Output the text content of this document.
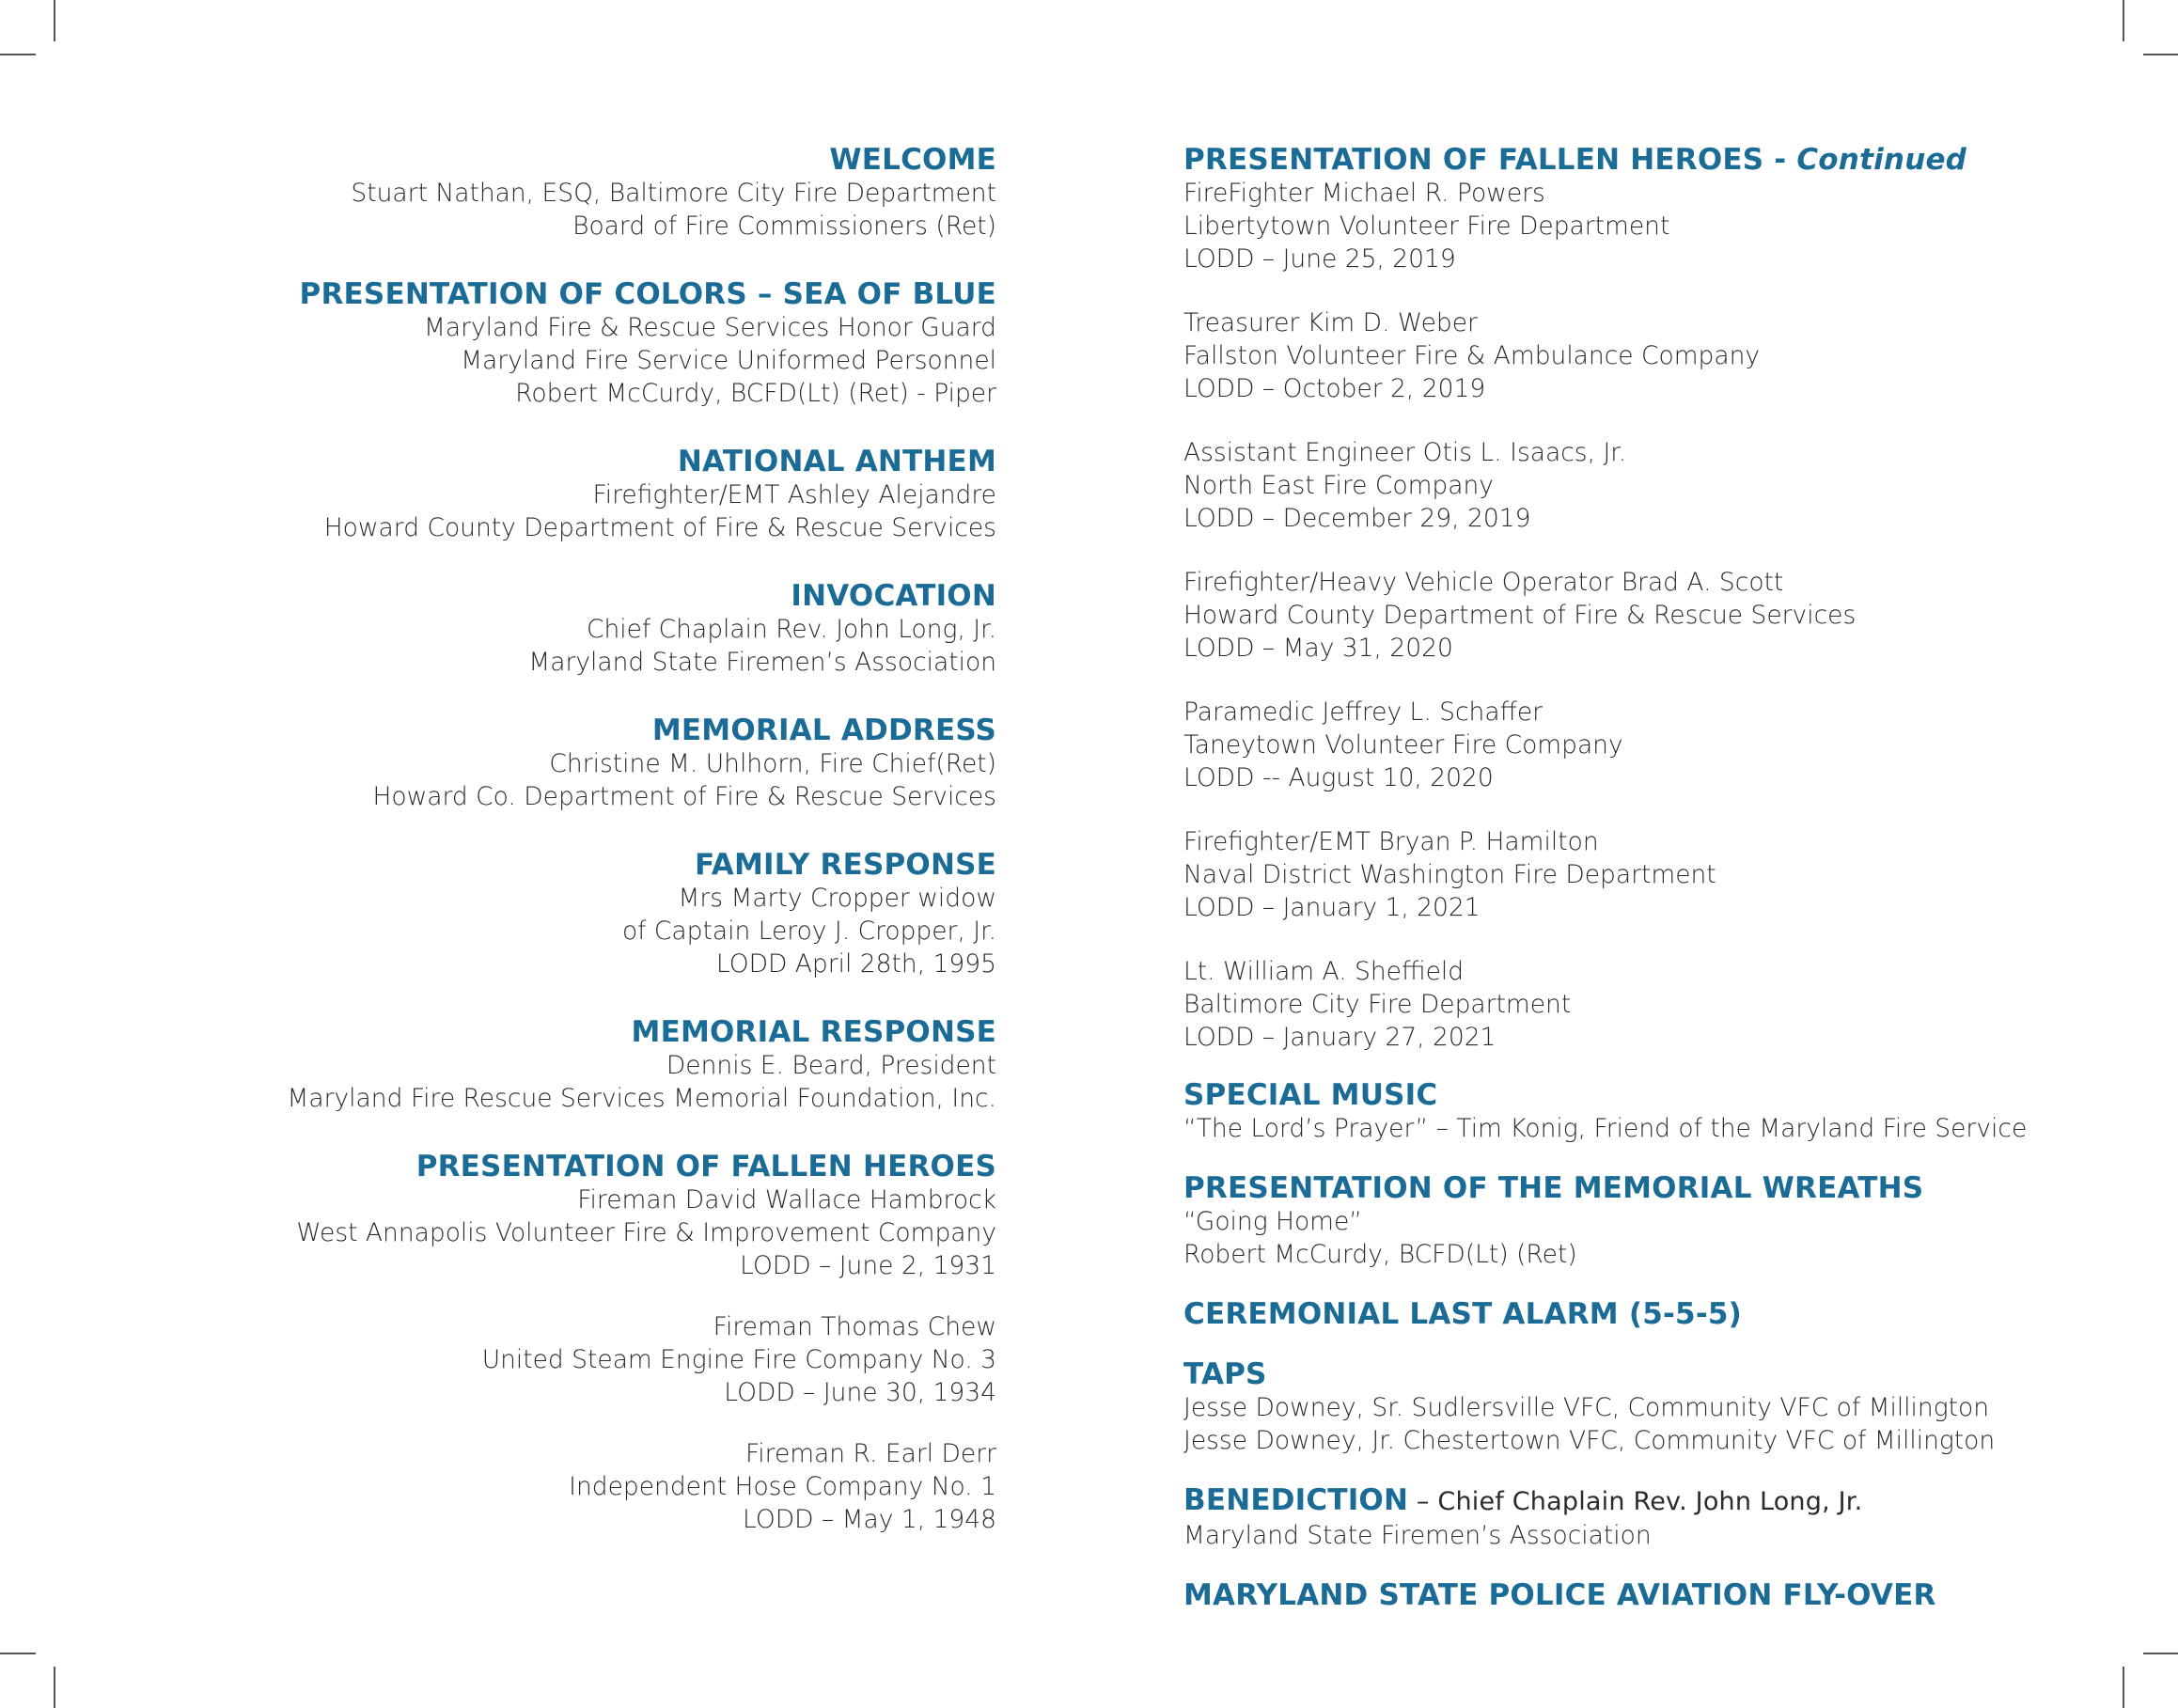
WELCOME
Stuart Nathan, ESQ, Baltimore City Fire Department
Board of Fire Commissioners (Ret)
PRESENTATION OF COLORS – SEA OF BLUE
Maryland Fire & Rescue Services Honor Guard
Maryland Fire Service Uniformed Personnel
Robert McCurdy, BCFD(Lt) (Ret) - Piper
NATIONAL ANTHEM
Firefighter/EMT Ashley Alejandre
Howard County Department of Fire & Rescue Services
INVOCATION
Chief Chaplain Rev. John Long, Jr.
Maryland State Firemen’s Association
MEMORIAL ADDRESS
Christine M. Uhlhorn, Fire Chief(Ret)
Howard Co. Department of Fire & Rescue Services
FAMILY RESPONSE
Mrs Marty Cropper widow
of Captain Leroy J. Cropper, Jr.
LODD April 28th, 1995
MEMORIAL RESPONSE
Dennis E. Beard, President
Maryland Fire Rescue Services Memorial Foundation, Inc.
PRESENTATION OF FALLEN HEROES
Fireman David Wallace Hambrock
West Annapolis Volunteer Fire & Improvement Company
LODD – June 2, 1931
Fireman Thomas Chew
United Steam Engine Fire Company No. 3
LODD – June 30, 1934
Fireman R. Earl Derr
Independent Hose Company No. 1
LODD – May 1, 1948
PRESENTATION OF FALLEN HEROES - Continued
FireFighter Michael R. Powers
Libertytown Volunteer Fire Department
LODD – June 25, 2019
Treasurer Kim D. Weber
Fallston Volunteer Fire & Ambulance Company
LODD – October 2, 2019
Assistant Engineer Otis L. Isaacs, Jr.
North East Fire Company
LODD – December 29, 2019
Firefighter/Heavy Vehicle Operator Brad A. Scott
Howard County Department of Fire & Rescue Services
LODD – May 31, 2020
Paramedic Jeffrey L. Schaffer
Taneytown Volunteer Fire Company
LODD -- August 10, 2020
Firefighter/EMT Bryan P. Hamilton
Naval District Washington Fire Department
LODD – January 1, 2021
Lt. William A. Sheffield
Baltimore City Fire Department
LODD – January 27, 2021
SPECIAL MUSIC
“The Lord’s Prayer” – Tim Konig, Friend of the Maryland Fire Service
PRESENTATION OF THE MEMORIAL WREATHS
“Going Home”
Robert McCurdy, BCFD(Lt) (Ret)
CEREMONIAL LAST ALARM (5-5-5)
TAPS
Jesse Downey, Sr. Sudlersville VFC, Community VFC of Millington
Jesse Downey, Jr. Chestertown VFC, Community VFC of Millington
BENEDICTION – Chief Chaplain Rev. John Long, Jr.
Maryland State Firemen’s Association
MARYLAND STATE POLICE AVIATION FLY-OVER
